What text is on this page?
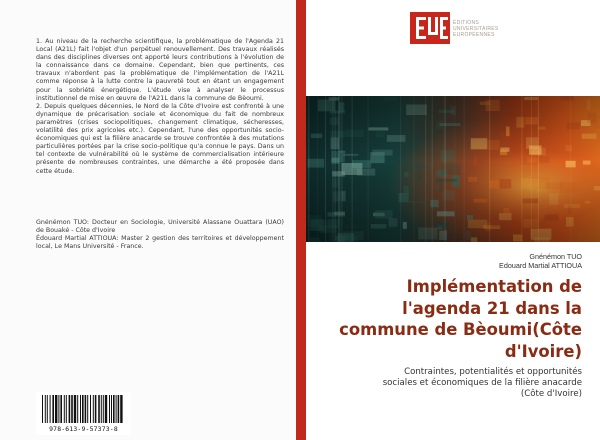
1. Au niveau de la recherche scientifique, la problématique de l'Agenda 21 Local (A21L) fait l'objet d'un perpétuel renouvellement. Des travaux réalisés dans des disciplines diverses ont apporté leurs contributions à l'évolution de la connaissance dans ce domaine. Cependant, bien que pertinents, ces travaux n'abordent pas la problématique de l'implémentation de l'A21L comme réponse à la lutte contre la pauvreté tout en étant un engagement pour la sobriété énergétique. L'étude vise à analyser le processus institutionnel de mise en œuvre de l'A21L dans la commune de Bèoumi.

2. Depuis quelques décennies, le Nord de la Côte d'Ivoire est confronté à une dynamique de précarisation sociale et économique du fait de nombreux paramètres (crises sociopolitiques, changement climatique, sécheresses, volatilité des prix agricoles etc.). Cependant, l'une des opportunités socio-économiques qui est la filière anacarde se trouve confrontée à des mutations particulières portées par la crise socio-politique qu'a connue le pays. Dans un tel contexte de vulnérabilité où le système de commercialisation intérieure présente de nombreuses contraintes, une démarche a été proposée dans cette étude.

Gnénémon TUO: Docteur en Sociologie, Université Alassane Ouattara (UAO) de Bouaké - Côte d'Ivoire

Édouard Martial ATTIOUA: Master 2 gestion des territoires et développement local, Le Mans Université - France.

978-613-9-57373-8
ÉDITIONS
UNIVERSITAIRES
EUROPÉENNES
Gnénémon TUO
Edouard Martial ATTIOUA
Implémentation de
l'agenda 21 dans la
commune de Bèoumi(Côte
d'Ivoire)
Contraintes, potentialités et opportunités
sociales et économiques de la filière anacarde
(Côte d'Ivoire)
